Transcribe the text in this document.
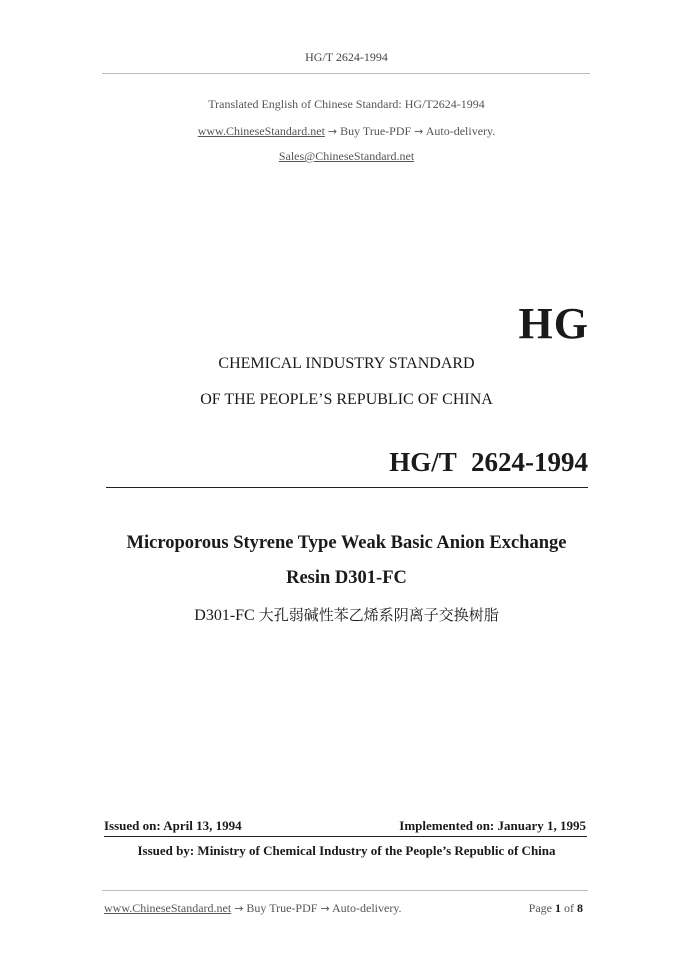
HG/T 2624-1994
Translated English of Chinese Standard: HG/T2624-1994
www.ChineseStandard.net → Buy True-PDF → Auto-delivery.
Sales@ChineseStandard.net
HG
CHEMICAL INDUSTRY STANDARD
OF THE PEOPLE’S REPUBLIC OF CHINA
HG/T 2624-1994
Microporous Styrene Type Weak Basic Anion Exchange
Resin D301-FC
D301-FC 大孔弱碱性苯乙烯系阴离子交换树脂
Issued on: April 13, 1994	Implemented on: January 1, 1995
Issued by: Ministry of Chemical Industry of the People’s Republic of China
www.ChineseStandard.net → Buy True-PDF → Auto-delivery.	Page 1 of 8
